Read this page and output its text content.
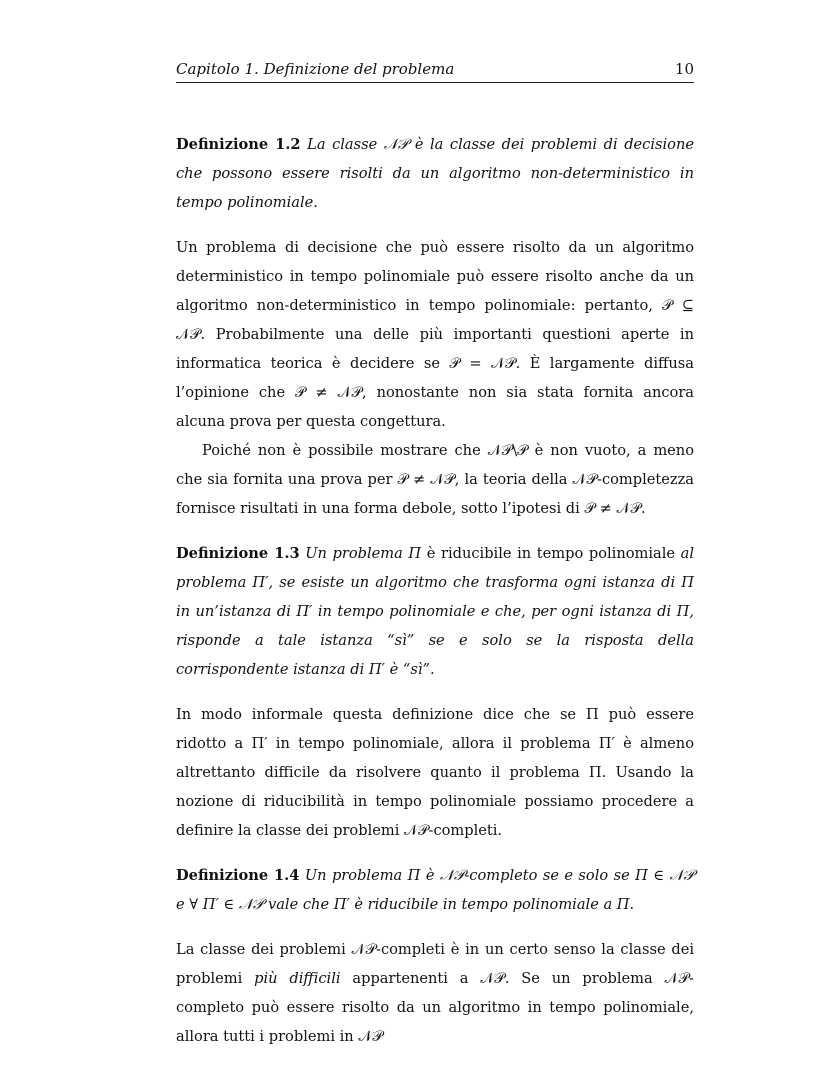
Capitolo 1. Definizione del problema	10

Definizione 1.2 La classe 𝒩𝒫 è la classe dei problemi di decisione che possono essere risolti da un algoritmo non-deterministico in tempo polinomiale.

Un problema di decisione che può essere risolto da un algoritmo deterministico in tempo polinomiale può essere risolto anche da un algoritmo non-deterministico in tempo polinomiale: pertanto, 𝒫 ⊆ 𝒩𝒫. Probabilmente una delle più importanti questioni aperte in informatica teorica è decidere se 𝒫 = 𝒩𝒫. È largamente diffusa l’opinione che 𝒫 ≠ 𝒩𝒫, nonostante non sia stata fornita ancora alcuna prova per questa congettura.

Poiché non è possibile mostrare che 𝒩𝒫\𝒫 è non vuoto, a meno che sia fornita una prova per 𝒫 ≠ 𝒩𝒫, la teoria della 𝒩𝒫-completezza fornisce risultati in una forma debole, sotto l’ipotesi di 𝒫 ≠ 𝒩𝒫.

Definizione 1.3 Un problema Π è riducibile in tempo polinomiale al problema Π′, se esiste un algoritmo che trasforma ogni istanza di Π in un’istanza di Π′ in tempo polinomiale e che, per ogni istanza di Π, risponde a tale istanza “sì” se e solo se la risposta della corrispondente istanza di Π′ è “sì”.

In modo informale questa definizione dice che se Π può essere ridotto a Π′ in tempo polinomiale, allora il problema Π′ è almeno altrettanto difficile da risolvere quanto il problema Π. Usando la nozione di riducibilità in tempo polinomiale possiamo procedere a definire la classe dei problemi 𝒩𝒫-completi.

Definizione 1.4 Un problema Π è 𝒩𝒫-completo se e solo se Π ∈ 𝒩𝒫 e ∀ Π′ ∈ 𝒩𝒫 vale che Π′ è riducibile in tempo polinomiale a Π.

La classe dei problemi 𝒩𝒫-completi è in un certo senso la classe dei problemi più difficili appartenenti a 𝒩𝒫. Se un problema 𝒩𝒫-completo può essere risolto da un algoritmo in tempo polinomiale, allora tutti i problemi in 𝒩𝒫
